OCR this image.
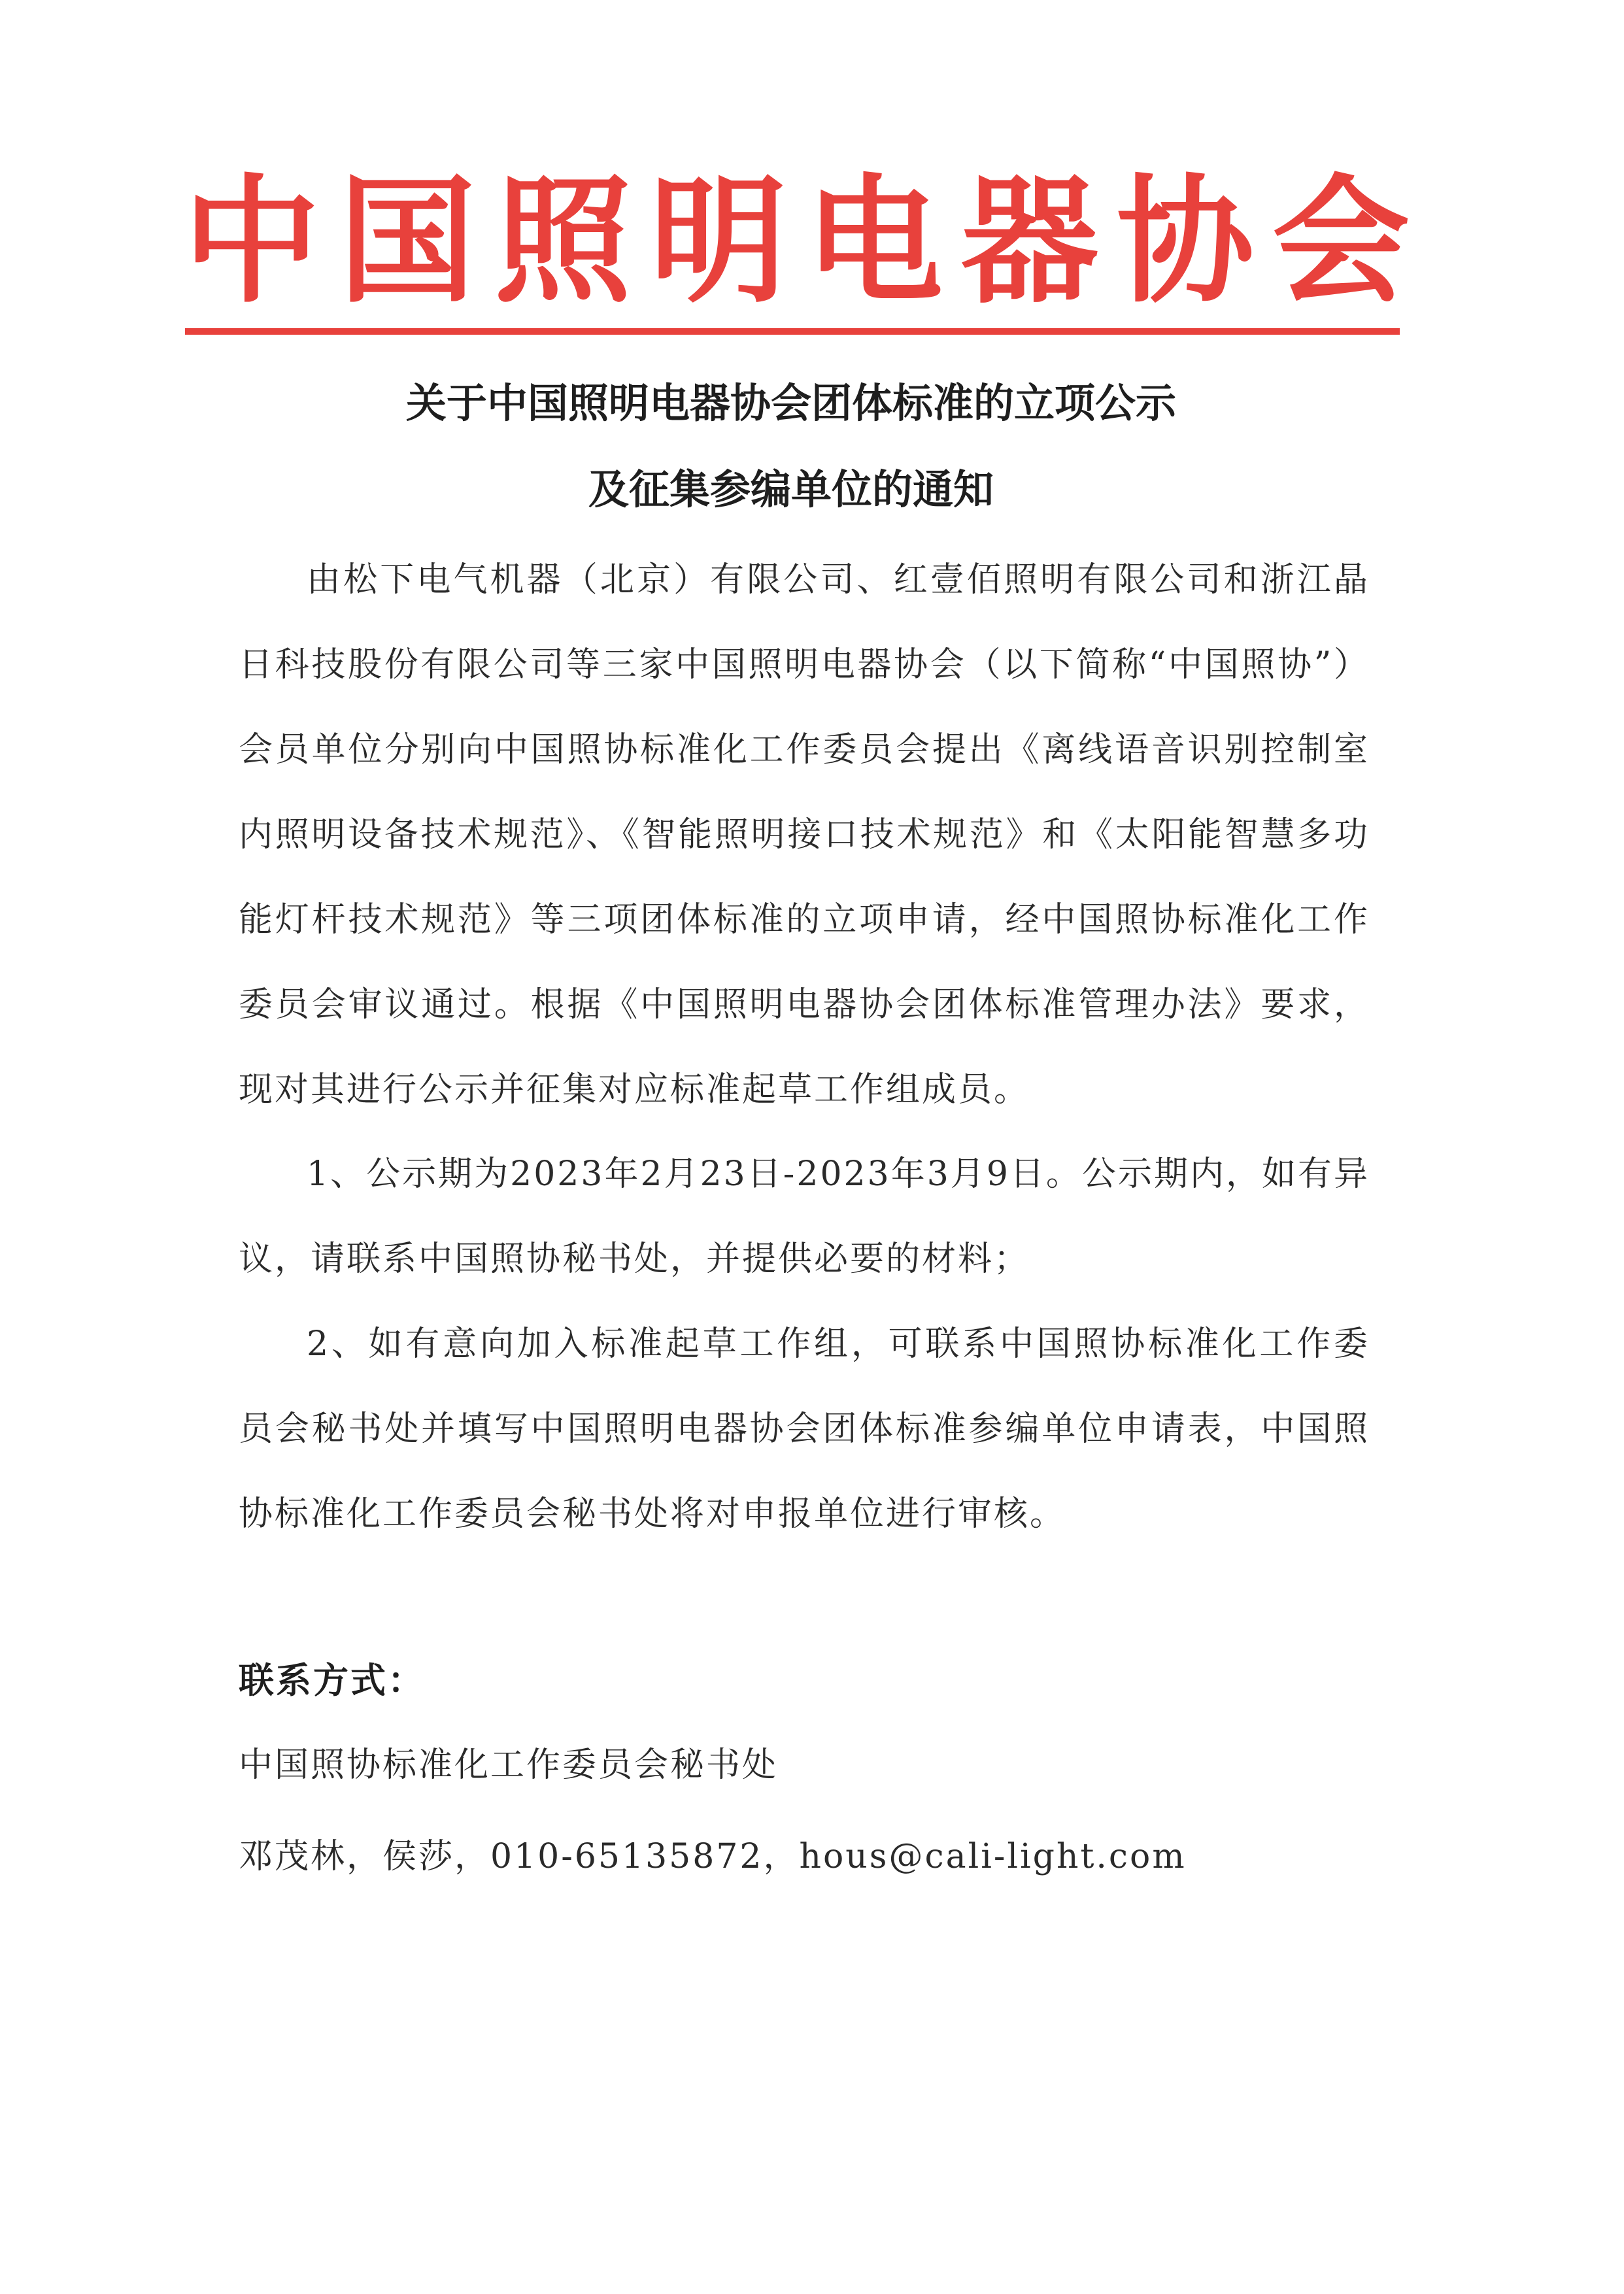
中国照明电器协会
关于中国照明电器协会团体标准的立项公示
及征集参编单位的通知

由松下电气机器（北京）有限公司、红壹佰照明有限公司和浙江晶日科技股份有限公司等三家中国照明电器协会（以下简称“中国照协”）会员单位分别向中国照协标准化工作委员会提出《离线语音识别控制室内照明设备技术规范》、《智能照明接口技术规范》和《太阳能智慧多功能灯杆技术规范》等三项团体标准的立项申请，经中国照协标准化工作委员会审议通过。根据《中国照明电器协会团体标准管理办法》要求，现对其进行公示并征集对应标准起草工作组成员。

1、公示期为2023年2月23日-2023年3月9日。公示期内，如有异议，请联系中国照协秘书处，并提供必要的材料；

2、如有意向加入标准起草工作组，可联系中国照协标准化工作委员会秘书处并填写中国照明电器协会团体标准参编单位申请表，中国照协标准化工作委员会秘书处将对申报单位进行审核。

联系方式：
中国照协标准化工作委员会秘书处
邓茂林，侯莎，010-65135872，hous@cali-light.com
